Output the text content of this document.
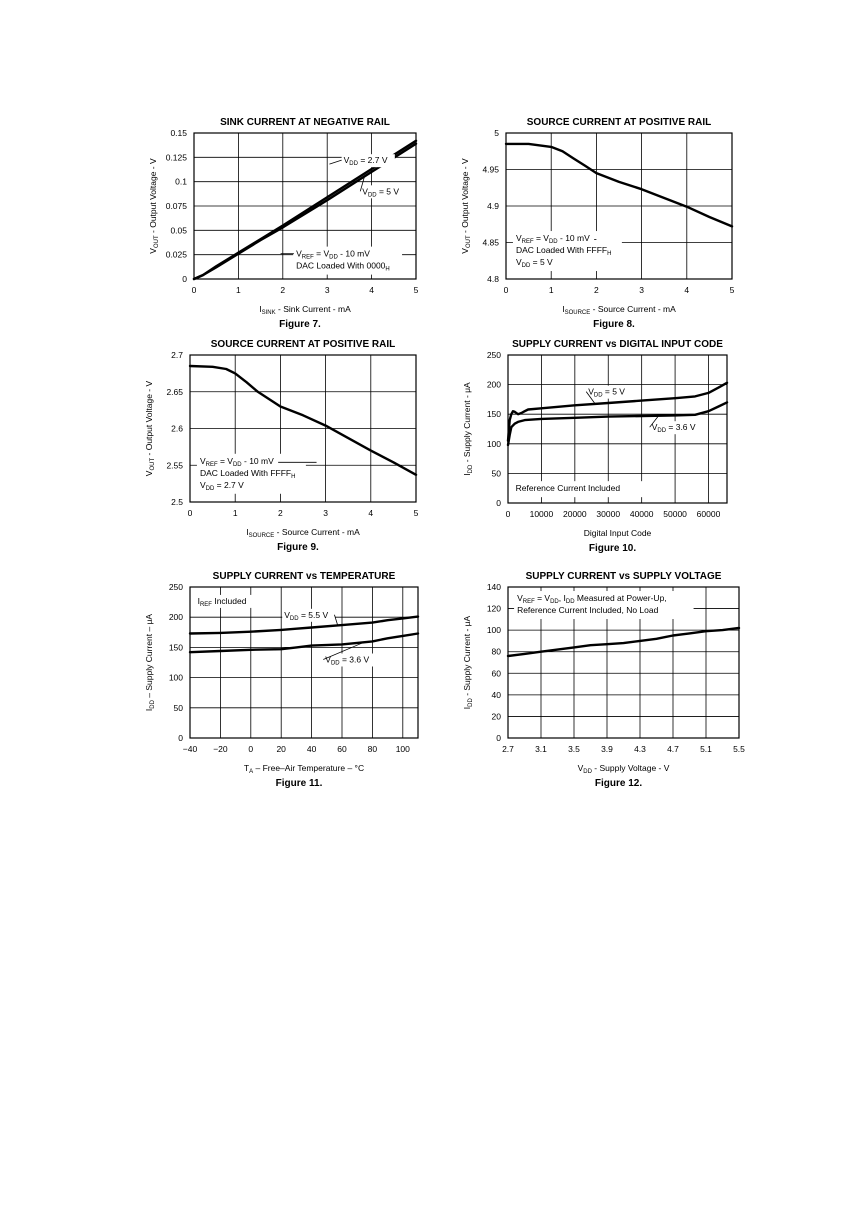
SINK CURRENT AT NEGATIVE RAIL
0	1	2	3	4	5
0
0.025
0.05
0.075
0.1
0.125
0.15
$V_{DD} = 2.7$ V
$V_{DD} = 5$ V
$V_{REF} = V_{DD} - 10$ mV
DAC Loaded With $0000_H$
$I_{SINK}$ - Sink Current - mA
$V_{OUT}$ - Output Voltage - V
Figure 7.
SOURCE CURRENT AT POSITIVE RAIL
0	1	2	3	4	5
4.8
4.85
4.9
4.95
5
$V_{REF} = V_{DD} - 10$ mV
DAC Loaded With $FFFF_H$
$V_{DD} = 5$ V
$I_{SOURCE}$ - Source Current - mA
$V_{OUT}$ - Output Voltage - V
Figure 8.
SOURCE CURRENT AT POSITIVE RAIL
0	1	2	3	4	5
2.5
2.55
2.6
2.65
2.7
$V_{REF} = V_{DD} - 10$ mV
DAC Loaded With $FFFF_H$
$V_{DD} = 2.7$ V
$I_{SOURCE}$ - Source Current - mA
$V_{OUT}$ - Output Voltage - V
Figure 9.
SUPPLY CURRENT vs DIGITAL INPUT CODE
0 10000 20000 30000 40000 50000 60000
0
50
100
150
200
250
$V_{DD} = 5$ V
$V_{DD} = 3.6$ V
Reference Current Included
Digital Input Code
$I_{DD}$ - Supply Current - μA
Figure 10.
SUPPLY CURRENT vs TEMPERATURE
−40 −20 0	20 40 60 80 100
0
50
100
150
200
250
$I_{REF}$ Included
$V_{DD} = 5.5$ V
$V_{DD} = 3.6$ V
$T_A$ – Free–Air Temperature – °C
$I_{DD}$ – Supply Current – μA
Figure 11.
SUPPLY CURRENT vs SUPPLY VOLTAGE
2.7 3.1 3.5 3.9 4.3 4.7 5.1 5.5
0
20
40
60
80
100
120
140
$V_{REF} = V_{DD}$, $I_{DD}$ Measured at Power-Up,
Reference Current Included, No Load
$V_{DD}$ - Supply Voltage - V
$I_{DD}$ - Supply Current - μA
Figure 12.
